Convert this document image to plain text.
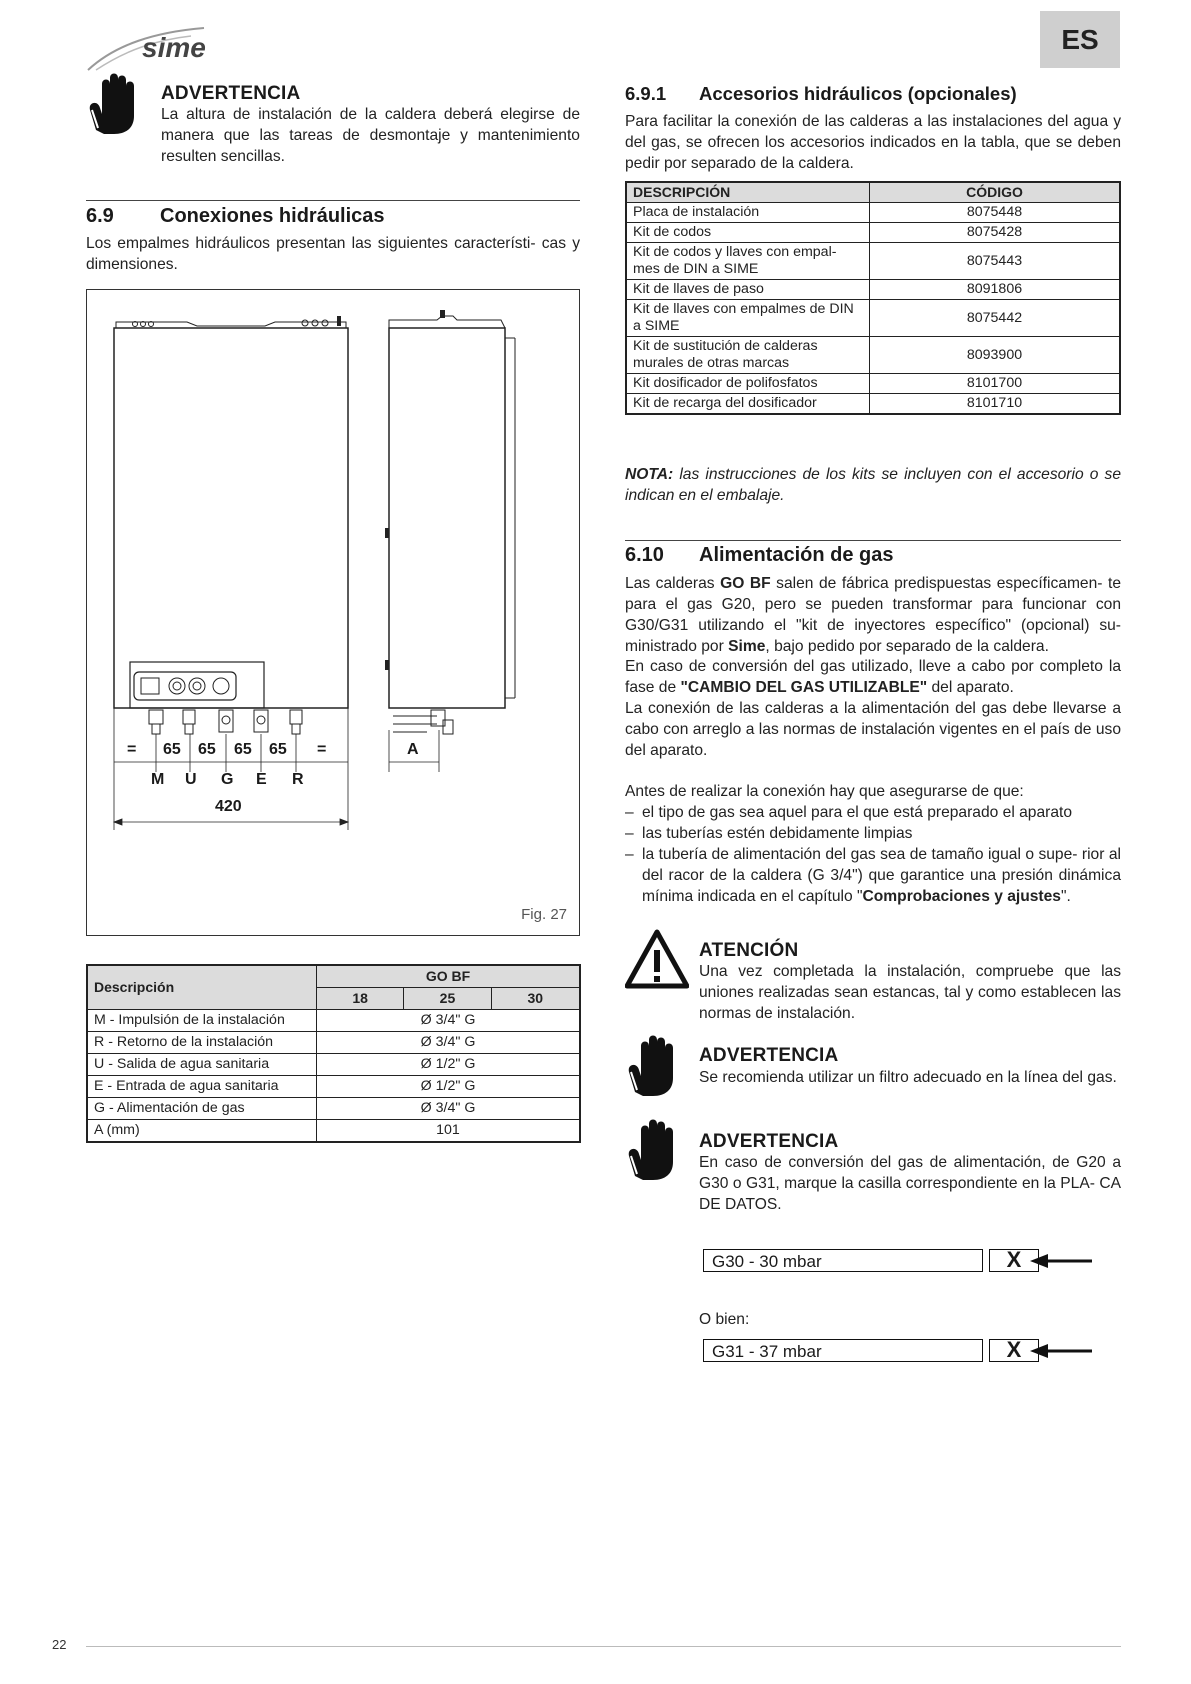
sime	ES
ADVERTENCIA
La altura de instalación de la caldera deberá elegirse de manera que las tareas de desmontaje y mantenimiento resulten sencillas.
6.9 Conexiones hidráulicas
Los empalmes hidráulicos presentan las siguientes característi- cas y dimensiones.
= 65 65 65 65 =	A
M U G E R
420
Fig. 27
Descripción	GO BF		
	18	25	30
M - Impulsión de la instalación	Ø 3/4" G		
R - Retorno de la instalación	Ø 3/4" G		
U - Salida de agua sanitaria	Ø 1/2" G		
E - Entrada de agua sanitaria	Ø 1/2" G		
G - Alimentación de gas	Ø 3/4" G		
A (mm)	101		
6.9.1 Accesorios hidráulicos (opcionales)
Para facilitar la conexión de las calderas a las instalaciones del agua y del gas, se ofrecen los accesorios indicados en la tabla, que se deben pedir por separado de la caldera.
DESCRIPCIÓN	CÓDIGO
Placa de instalación	8075448
Kit de codos	8075428
Kit de codos y llaves con empal- mes de DIN a SIME	8075443
Kit de llaves de paso	8091806
Kit de llaves con empalmes de DIN a SIME	8075442
Kit de sustitución de calderas murales de otras marcas	8093900
Kit dosificador de polifosfatos	8101700
Kit de recarga del dosificador	8101710
NOTA: las instrucciones de los kits se incluyen con el accesorio o se indican en el embalaje.
6.10 Alimentación de gas
Las calderas GO BF salen de fábrica predispuestas específicamen- te para el gas G20, pero se pueden transformar para funcionar con G30/G31 utilizando el "kit de inyectores específico" (opcional) su- ministrado por Sime, bajo pedido por separado de la caldera.
En caso de conversión del gas utilizado, lleve a cabo por completo la fase de "CAMBIO DEL GAS UTILIZABLE" del aparato.
La conexión de las calderas a la alimentación del gas debe llevarse a cabo con arreglo a las normas de instalación vigentes en el país de uso del aparato.
Antes de realizar la conexión hay que asegurarse de que:
– el tipo de gas sea aquel para el que está preparado el aparato
– las tuberías estén debidamente limpias
– la tubería de alimentación del gas sea de tamaño igual o supe- rior al del racor de la caldera (G 3/4") que garantice una presión dinámica mínima indicada en el capítulo "Comprobaciones y ajustes".
ATENCIÓN
Una vez completada la instalación, compruebe que las uniones realizadas sean estancas, tal y como establecen las normas de instalación.
ADVERTENCIA
Se recomienda utilizar un filtro adecuado en la línea del gas.
ADVERTENCIA
En caso de conversión del gas de alimentación, de G20 a G30 o G31, marque la casilla correspondiente en la PLA- CA DE DATOS.
G30 - 30 mbar	X
O bien:
G31 - 37 mbar	X
22
